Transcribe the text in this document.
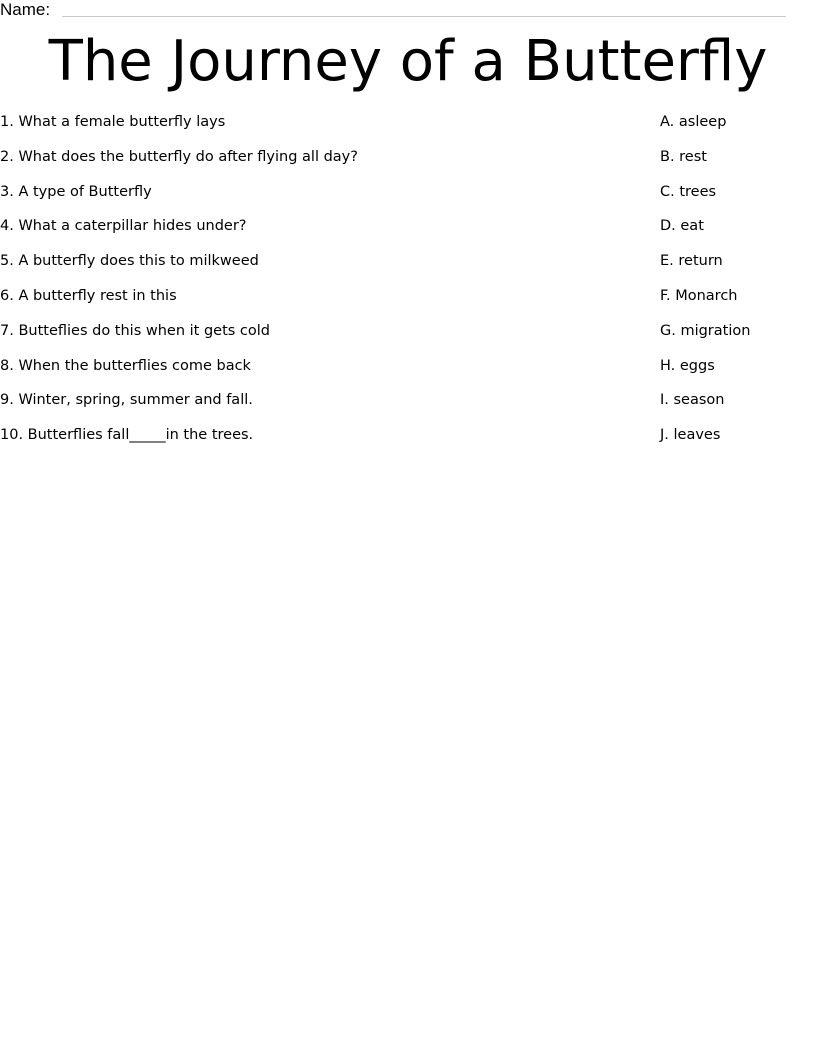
Name:
The Journey of a Butterfly
1. What a female butterfly lays
2. What does the butterfly do after flying all day?
3. A type of Butterfly
4. What a caterpillar hides under?
5. A butterfly does this to milkweed
6. A butterfly rest in this
7. Butteflies do this when it gets cold
8. When the butterflies come back
9. Winter, spring, summer and fall.
10. Butterflies fall_____in the trees.
A. asleep
B. rest
C. trees
D. eat
E. return
F. Monarch
G. migration
H. eggs
I. season
J. leaves
